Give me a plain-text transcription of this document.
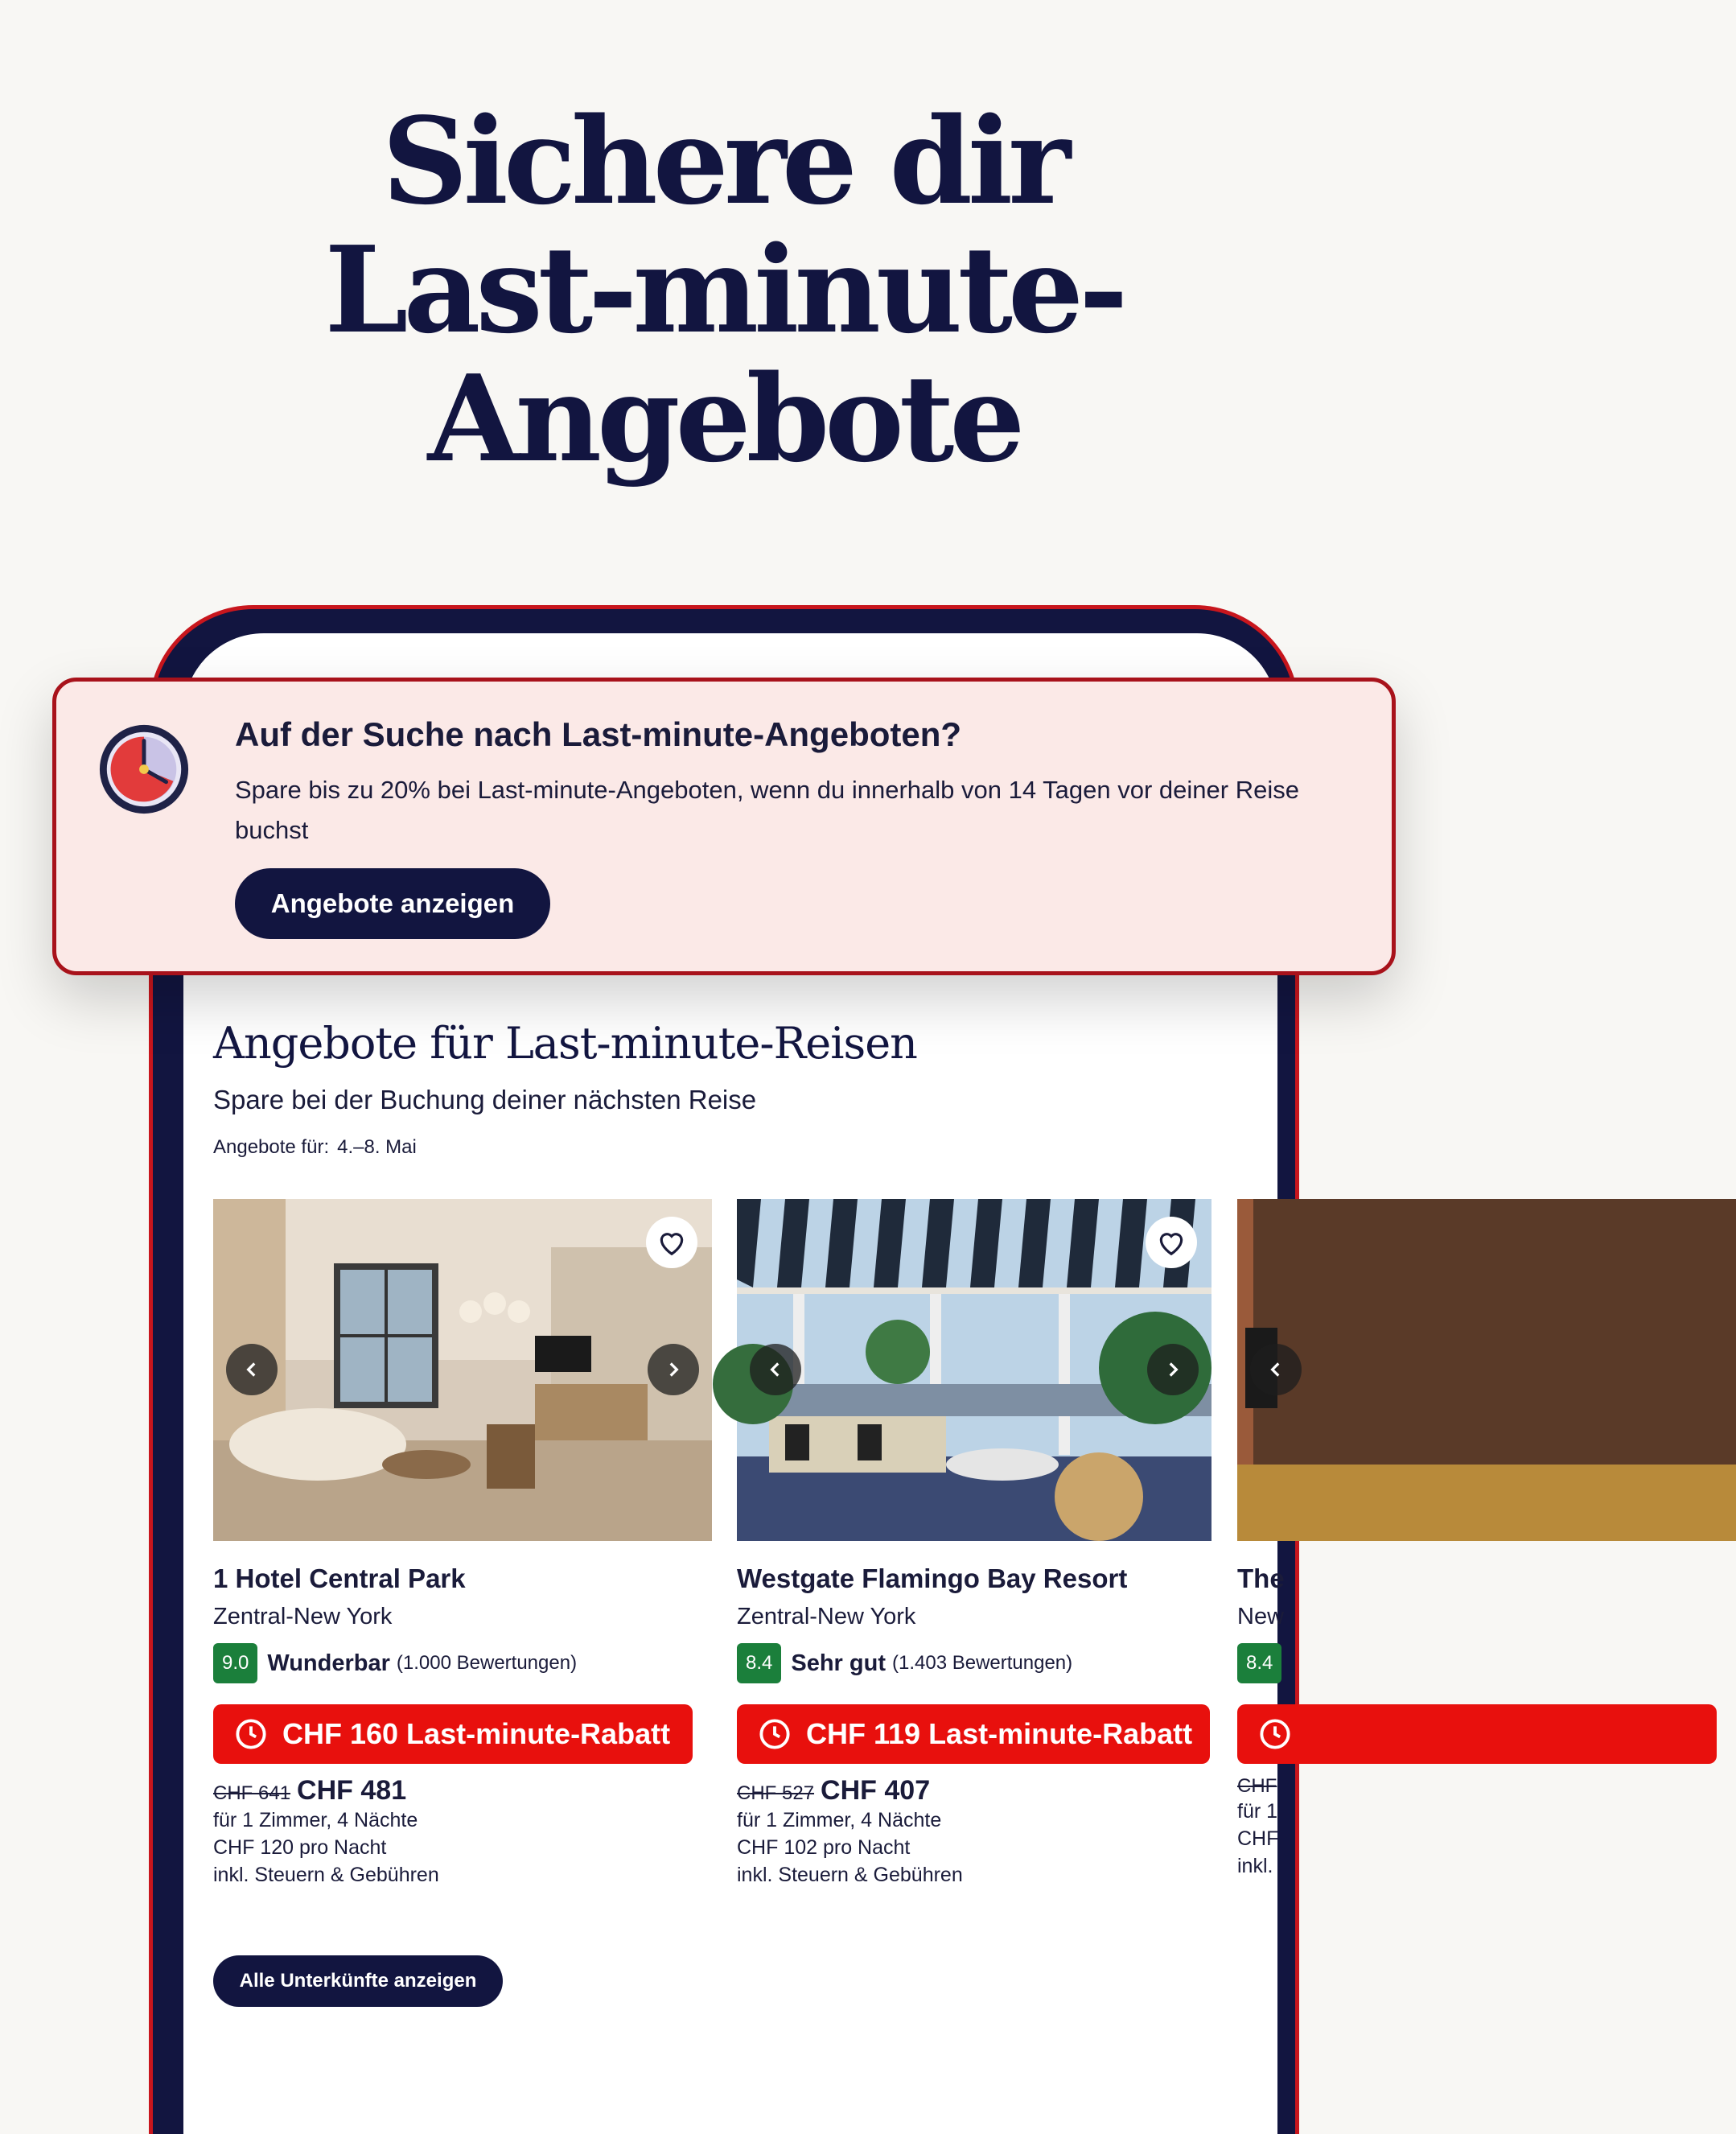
Sichere dir
Last-minute-
Angebote
Auf der Suche nach Last-minute-Angeboten?
Spare bis zu 20% bei Last-minute-Angeboten, wenn du innerhalb von 14 Tagen vor deiner Reise buchst
Angebote anzeigen
Angebote für Last-minute-Reisen
Spare bei der Buchung deiner nächsten Reise
Angebote für: 4.–8. Mai
1 Hotel Central Park
Zentral-New York
9.0 Wunderbar (1.000 Bewertungen)
CHF 160 Last-minute-Rabatt
CHF 641 CHF 481
für 1 Zimmer, 4 Nächte
CHF 120 pro Nacht
inkl. Steuern & Gebühren
Westgate Flamingo Bay Resort
Zentral-New York
8.4 Sehr gut (1.403 Bewertungen)
CHF 119 Last-minute-Rabatt
CHF 527 CHF 407
für 1 Zimmer, 4 Nächte
CHF 102 pro Nacht
inkl. Steuern & Gebühren
The
New
8.4
CHF
für 1
CHF
inkl.
Alle Unterkünfte anzeigen
